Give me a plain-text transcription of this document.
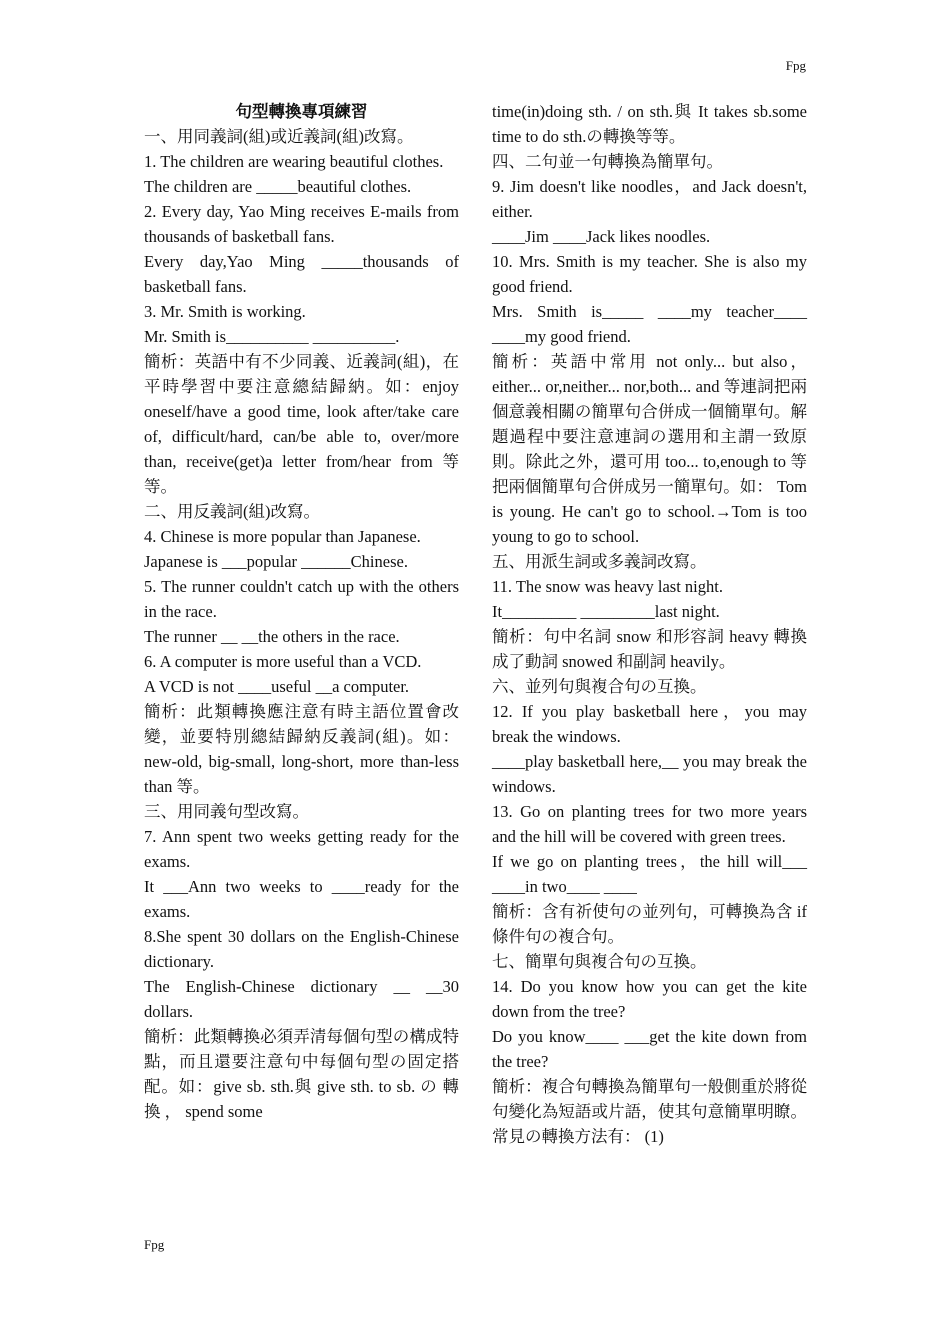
Fpg

句型轉換專項練習

一、用同義詞(組)或近義詞(組)改寫。

1. The children are wearing beautiful clothes.

The children are _____beautiful clothes.

2. Every day, Yao Ming receives E-mails from thousands of basketball fans.

Every day,Yao Ming _____thousands of basketball fans.

3. Mr. Smith is working.

Mr. Smith is__________ __________.

簡析：英語中有不少同義、近義詞(組)，在平時學習中要注意總結歸納。如：enjoy oneself/have a good time, look after/take care of, difficult/hard, can/be able to, over/more than, receive(get)a letter from/hear from 等等。

二、用反義詞(組)改寫。

4. Chinese is more popular than Japanese.

Japanese is ___popular ______Chinese.

5. The runner couldn't catch up with the others in the race.

The runner __ __the others in the race.

6. A computer is more useful than a VCD.

A VCD is not ____useful __a computer.

簡析：此類轉換應注意有時主語位置會改變，並要特別總結歸納反義詞(組)。如：new-old, big-small, long-short, more than-less than 等。

三、用同義句型改寫。

7. Ann spent two weeks getting ready for the exams.

It ___Ann two weeks to ____ready for the exams.

8.She spent 30 dollars on the English-Chinese dictionary.

The English-Chinese dictionary __ __30 dollars.

簡析：此類轉換必須弄清每個句型の構成特點，而且還要注意句中每個句型の固定搭配。如：give sb. sth.與 give sth. to sb. の 轉 換 ， spend some

time(in)doing sth. / on sth.與 It takes sb.some time to do sth.の轉換等等。

四、二句並一句轉換為簡單句。

9. Jim doesn't like noodles，and Jack doesn't, either.

____Jim ____Jack likes noodles.

10. Mrs. Smith is my teacher. She is also my good friend.

Mrs. Smith is_____ ____my teacher____ ____my good friend.

簡析：英語中常用 not only... but also，either... or,neither... nor,both... and 等連詞把兩個意義相關の簡單句合併成一個簡單句。解題過程中要注意連詞の選用和主謂一致原則。除此之外，還可用 too... to,enough to 等把兩個簡單句合併成另一簡單句。如： Tom is young. He can't go to school.→Tom is too young to go to school.

五、用派生詞或多義詞改寫。

11. The snow was heavy last night.

It_________ _________last night.

簡析：句中名詞 snow 和形容詞 heavy 轉換成了動詞 snowed 和副詞 heavily。

六、並列句與複合句の互換。

12. If you play basketball here，you may break the windows.

____play basketball here,__ you may break the windows.

13. Go on planting trees for two more years and the hill will be covered with green trees.

If we go on planting trees，the hill will___ ____in two____ ____

簡析：含有祈使句の並列句，可轉換為含 if 條件句の複合句。

七、簡單句與複合句の互換。

14. Do you know how you can get the kite down from the tree?

Do you know____ ___get the kite down from the tree?

簡析：複合句轉換為簡單句一般側重於將從句變化為短語或片語，使其句意簡單明瞭。常見の轉換方法有： (1)

Fpg
